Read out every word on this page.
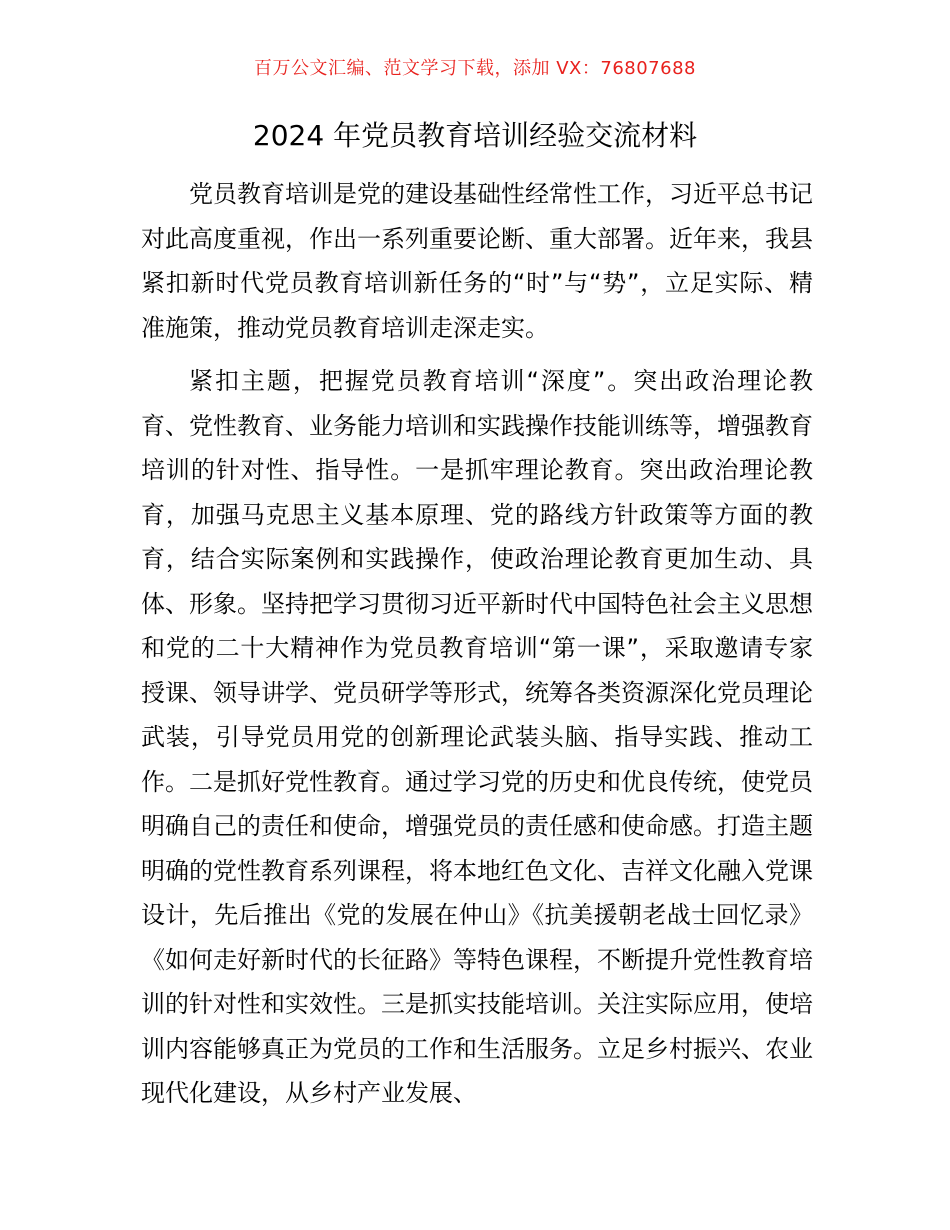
百万公文汇编、范文学习下载，添加 VX：76807688
2024 年党员教育培训经验交流材料

党员教育培训是党的建设基础性经常性工作，习近平总书记对此高度重视，作出一系列重要论断、重大部署。近年来，我县紧扣新时代党员教育培训新任务的“时”与“势”，立足实际、精准施策，推动党员教育培训走深走实。

紧扣主题，把握党员教育培训“深度”。突出政治理论教育、党性教育、业务能力培训和实践操作技能训练等，增强教育培训的针对性、指导性。一是抓牢理论教育。突出政治理论教育，加强马克思主义基本原理、党的路线方针政策等方面的教育，结合实际案例和实践操作，使政治理论教育更加生动、具体、形象。坚持把学习贯彻习近平新时代中国特色社会主义思想和党的二十大精神作为党员教育培训“第一课”，采取邀请专家授课、领导讲学、党员研学等形式，统筹各类资源深化党员理论武装，引导党员用党的创新理论武装头脑、指导实践、推动工作。二是抓好党性教育。通过学习党的历史和优良传统，使党员明确自己的责任和使命，增强党员的责任感和使命感。打造主题明确的党性教育系列课程，将本地红色文化、吉祥文化融入党课设计，先后推出《党的发展在仲山》《抗美援朝老战士回忆录》《如何走好新时代的长征路》等特色课程，不断提升党性教育培训的针对性和实效性。三是抓实技能培训。关注实际应用，使培训内容能够真正为党员的工作和生活服务。立足乡村振兴、农业现代化建设，从乡村产业发展、
